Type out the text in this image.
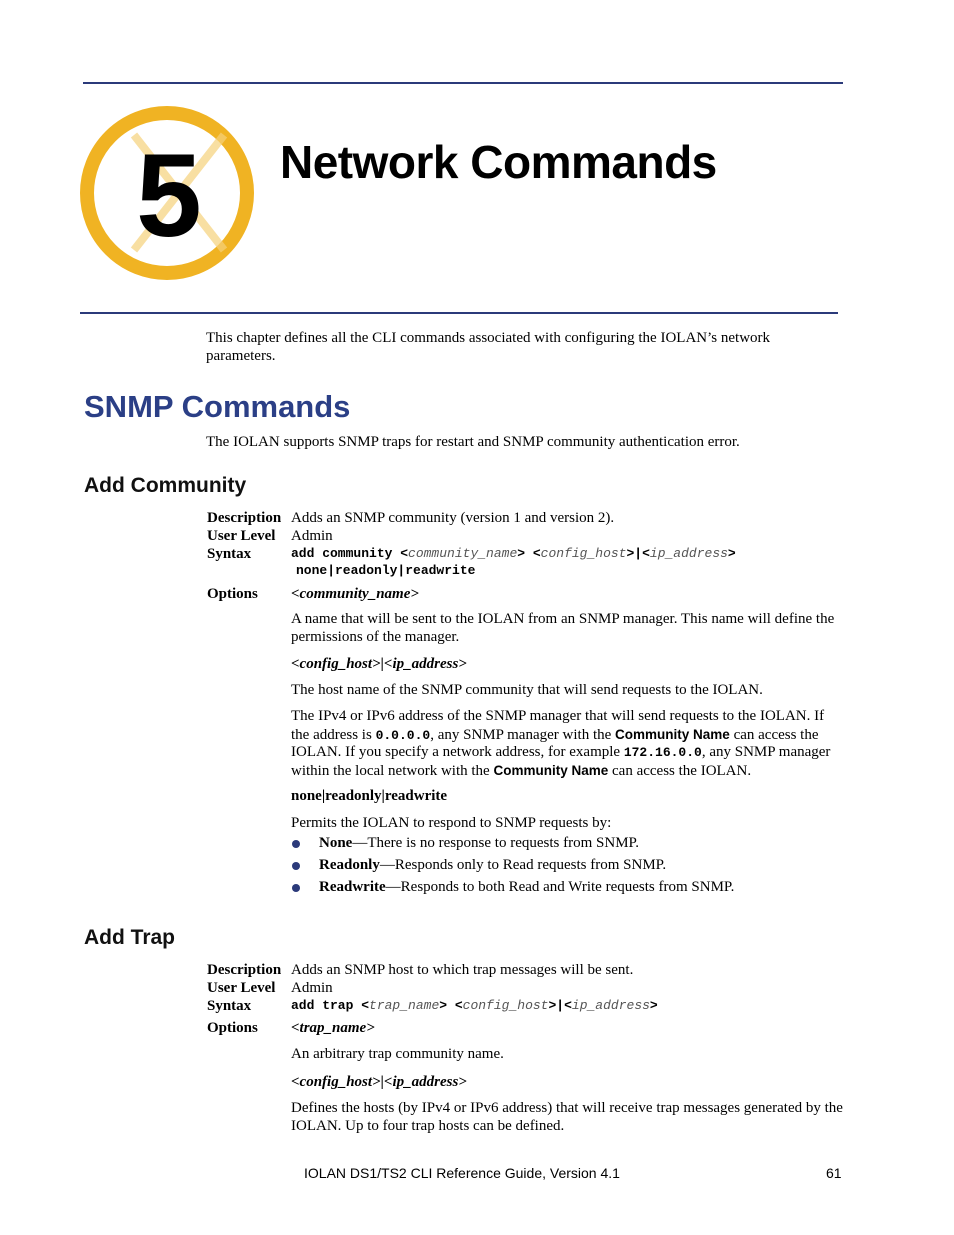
5 Network Commands
This chapter defines all the CLI commands associated with configuring the IOLAN’s network parameters.
SNMP Commands
The IOLAN supports SNMP traps for restart and SNMP community authentication error.
Add Community
Description Adds an SNMP community (version 1 and version 2).
User Level Admin
Syntax	add community <community_name> <config_host>|<ip_address>
none|readonly|readwrite
Options <community_name>
A name that will be sent to the IOLAN from an SNMP manager. This name will define the permissions of the manager.
<config_host>|<ip_address>
The host name of the SNMP community that will send requests to the IOLAN.
The IPv4 or IPv6 address of the SNMP manager that will send requests to the IOLAN. If the address is 0.0.0.0, any SNMP manager with the Community Name can access the IOLAN. If you specify a network address, for example 172.16.0.0, any SNMP manager within the local network with the Community Name can access the IOLAN.
none|readonly|readwrite
Permits the IOLAN to respond to SNMP requests by:
None—There is no response to requests from SNMP.
Readonly—Responds only to Read requests from SNMP.
Readwrite—Responds to both Read and Write requests from SNMP.
Add Trap
Description Adds an SNMP host to which trap messages will be sent.
User Level Admin
Syntax	add trap <trap_name> <config_host>|<ip_address>
Options <trap_name>
An arbitrary trap community name.
<config_host>|<ip_address>
Defines the hosts (by IPv4 or IPv6 address) that will receive trap messages generated by the IOLAN. Up to four trap hosts can be defined.
IOLAN DS1/TS2 CLI Reference Guide, Version 4.1	61
